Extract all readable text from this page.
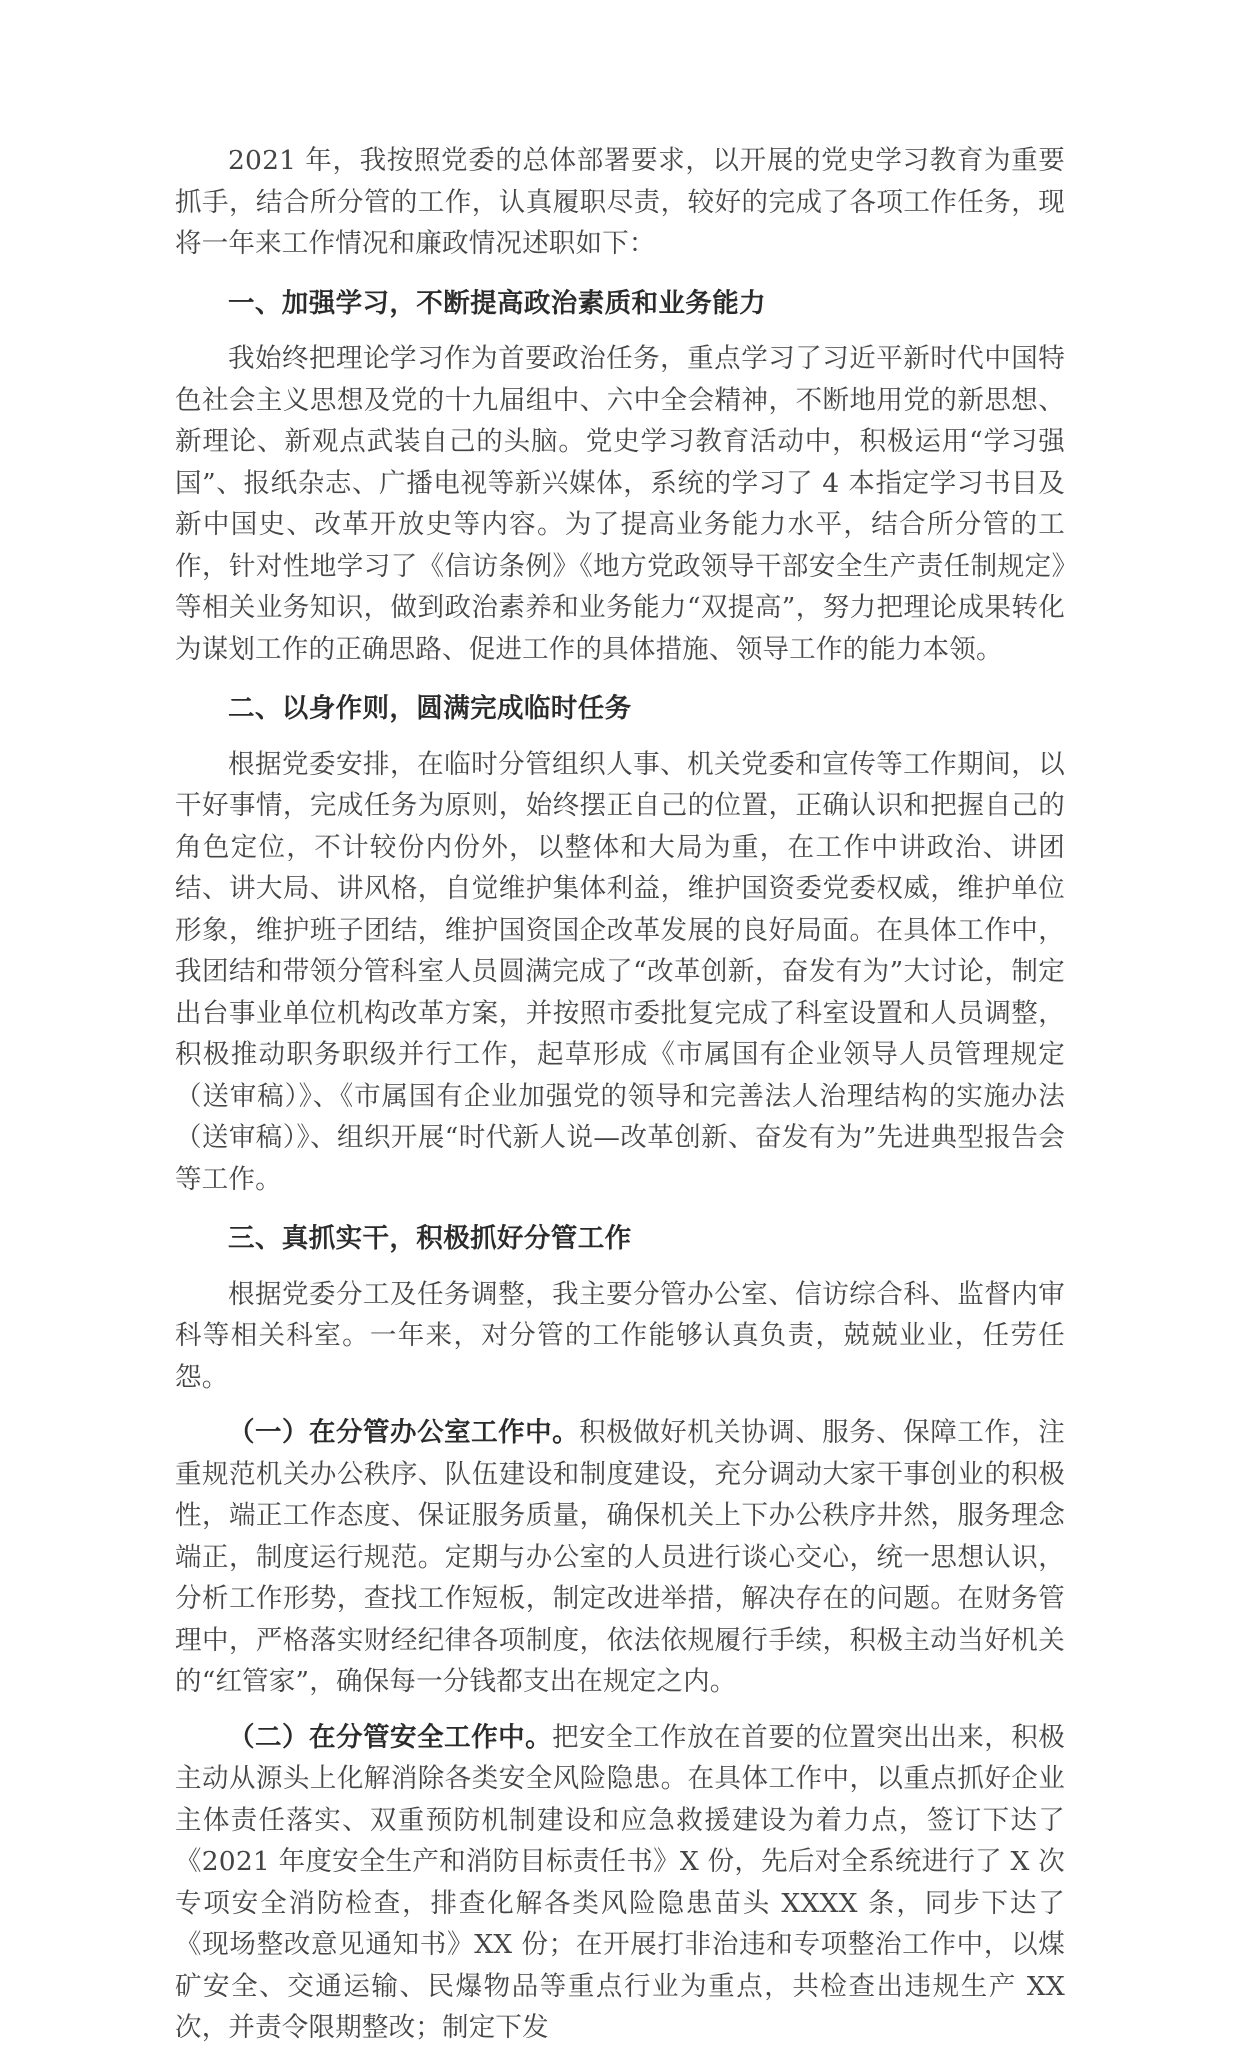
2021 年，我按照党委的总体部署要求，以开展的党史学习教育为重要抓手，结合所分管的工作，认真履职尽责，较好的完成了各项工作任务，现将一年来工作情况和廉政情况述职如下：

一、加强学习，不断提高政治素质和业务能力

我始终把理论学习作为首要政治任务，重点学习了习近平新时代中国特色社会主义思想及党的十九届组中、六中全会精神，不断地用党的新思想、新理论、新观点武装自己的头脑。党史学习教育活动中，积极运用“学习强国”、报纸杂志、广播电视等新兴媒体，系统的学习了 4 本指定学习书目及新中国史、改革开放史等内容。为了提高业务能力水平，结合所分管的工作，针对性地学习了《信访条例》《地方党政领导干部安全生产责任制规定》等相关业务知识，做到政治素养和业务能力“双提高”，努力把理论成果转化为谋划工作的正确思路、促进工作的具体措施、领导工作的能力本领。

二、以身作则，圆满完成临时任务

根据党委安排，在临时分管组织人事、机关党委和宣传等工作期间，以干好事情，完成任务为原则，始终摆正自己的位置，正确认识和把握自己的角色定位，不计较份内份外，以整体和大局为重，在工作中讲政治、讲团结、讲大局、讲风格，自觉维护集体利益，维护国资委党委权威，维护单位形象，维护班子团结，维护国资国企改革发展的良好局面。在具体工作中，我团结和带领分管科室人员圆满完成了“改革创新，奋发有为”大讨论，制定出台事业单位机构改革方案，并按照市委批复完成了科室设置和人员调整，积极推动职务职级并行工作，起草形成《市属国有企业领导人员管理规定（送审稿）》、《市属国有企业加强党的领导和完善法人治理结构的实施办法（送审稿）》、组织开展“时代新人说—改革创新、奋发有为”先进典型报告会等工作。

三、真抓实干，积极抓好分管工作

根据党委分工及任务调整，我主要分管办公室、信访综合科、监督内审科等相关科室。一年来，对分管的工作能够认真负责，兢兢业业，任劳任怨。

（一）在分管办公室工作中。积极做好机关协调、服务、保障工作，注重规范机关办公秩序、队伍建设和制度建设，充分调动大家干事创业的积极性，端正工作态度、保证服务质量，确保机关上下办公秩序井然，服务理念端正，制度运行规范。定期与办公室的人员进行谈心交心，统一思想认识，分析工作形势，查找工作短板，制定改进举措，解决存在的问题。在财务管理中，严格落实财经纪律各项制度，依法依规履行手续，积极主动当好机关的“红管家”，确保每一分钱都支出在规定之内。

（二）在分管安全工作中。把安全工作放在首要的位置突出出来，积极主动从源头上化解消除各类安全风险隐患。在具体工作中，以重点抓好企业主体责任落实、双重预防机制建设和应急救援建设为着力点，签订下达了《2021 年度安全生产和消防目标责任书》X 份，先后对全系统进行了 X 次专项安全消防检查，排查化解各类风险隐患苗头 XXXX 条，同步下达了《现场整改意见通知书》XX 份；在开展打非治违和专项整治工作中，以煤矿安全、交通运输、民爆物品等重点行业为重点，共检查出违规生产 XX 次，并责令限期整改；制定下发
